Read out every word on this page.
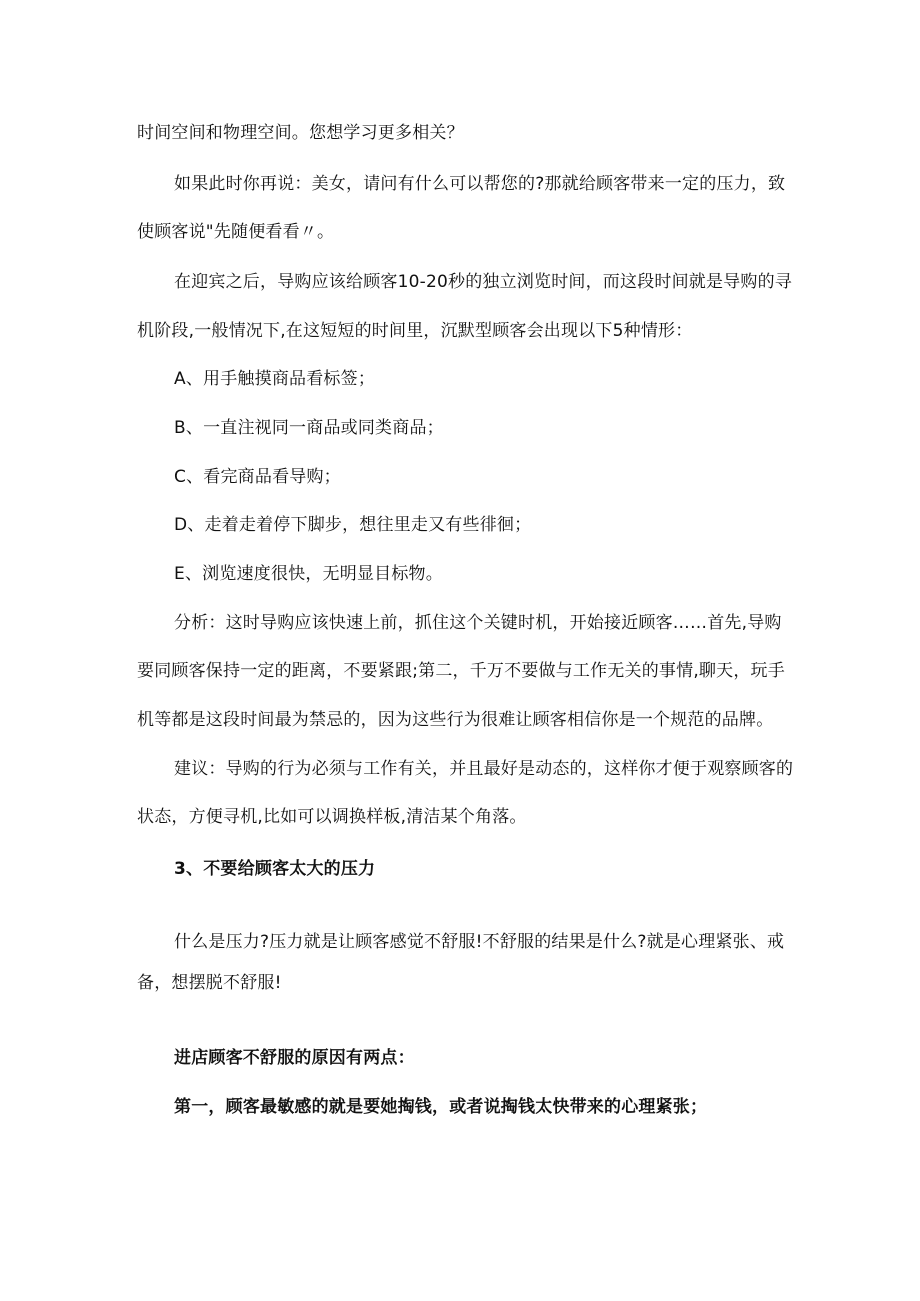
时间空间和物理空间。您想学习更多相关？
如果此时你再说：美女，请问有什么可以帮您的?那就给顾客带来一定的压力，致
使顾客说"先随便看看〃。
在迎宾之后，导购应该给顾客10-20秒的独立浏览时间，而这段时间就是导购的寻
机阶段,一般情况下,在这短短的时间里，沉默型顾客会出现以下5种情形：
A、用手触摸商品看标签；
B、一直注视同一商品或同类商品；
C、看完商品看导购；
D、走着走着停下脚步，想往里走又有些徘徊；
E、浏览速度很快，无明显目标物。
分析：这时导购应该快速上前，抓住这个关键时机，开始接近顾客……首先,导购
要同顾客保持一定的距离，不要紧跟;第二，千万不要做与工作无关的事情,聊天，玩手
机等都是这段时间最为禁忌的，因为这些行为很难让顾客相信你是一个规范的品牌。
建议：导购的行为必须与工作有关，并且最好是动态的，这样你才便于观察顾客的
状态，方便寻机,比如可以调换样板,清洁某个角落。
3、不要给顾客太大的压力
什么是压力?压力就是让顾客感觉不舒服!不舒服的结果是什么?就是心理紧张、戒
备，想摆脱不舒服!
进店顾客不舒服的原因有两点：
第一，顾客最敏感的就是要她掏钱，或者说掏钱太快带来的心理紧张；
